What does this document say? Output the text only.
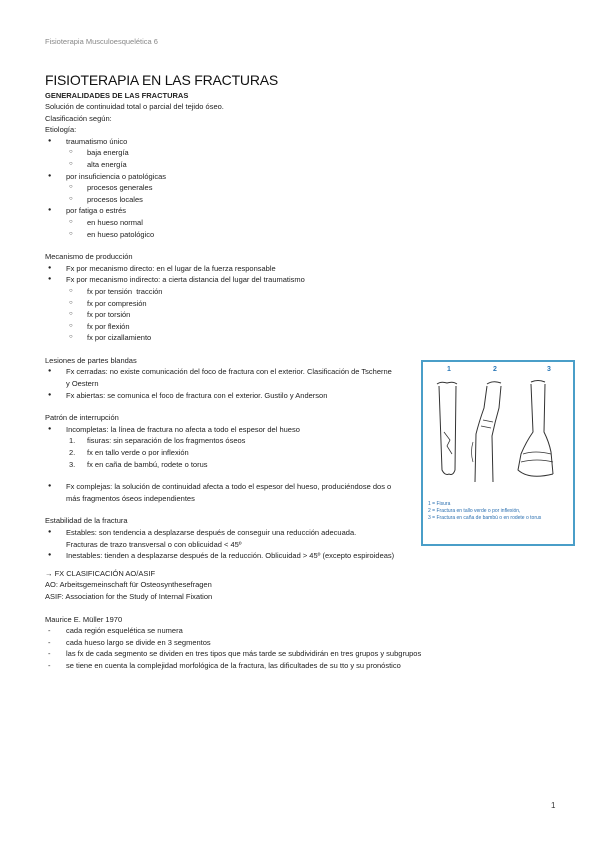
Fisioterapia Musculoesquelética 6
FISIOTERAPIA EN LAS FRACTURAS
GENERALIDADES DE LAS FRACTURAS

Solución de continuidad total o parcial del tejido óseo.

Clasificación según:

Etiología:

● traumatismo único
○ baja energía
○ alta energía
● por insuficiencia o patológicas
○ procesos generales
○ procesos locales
● por fatiga o estrés
○ en hueso normal
○ en hueso patológico

Mecanismo de producción

● Fx por mecanismo directo: en el lugar de la fuerza responsable
● Fx por mecanismo indirecto: a cierta distancia del lugar del traumatismo
○ fx por tensión  tracción
○ fx por compresión
○ fx por torsión
○ fx por flexión
○ fx por cizallamiento

Lesiones de partes blandas

● Fx cerradas: no existe comunicación del foco de fractura con el exterior. Clasificación de Tscherne y Oestern
● Fx abiertas: se comunica el foco de fractura con el exterior. Gustilo y Anderson

Patrón de interrupción

● Incompletas: la línea de fractura no afecta a todo el espesor del hueso
1. fisuras: sin separación de los fragmentos óseos
2. fx en tallo verde o por inflexión
3. fx en caña de bambú, rodete o torus
● Fx complejas: la solución de continuidad afecta a todo el espesor del hueso, produciéndose dos o más fragmentos óseos independientes

Estabilidad de la fractura

● Estables: son tendencia a desplazarse después de conseguir una reducción adecuada. Fracturas de trazo transversal o con oblicuidad < 45º
● Inestables: tienden a desplazarse después de la reducción. Oblicuidad > 45º (excepto espiroideas)

→ FX CLASIFICACIÓN AO/ASIF

AO: Arbeitsgemeinschaft für Osteosynthesefragen

ASIF: Association for the Study of Internal Fixation

Maurice E. Müller 1970

- cada región esquelética se numera
- cada hueso largo se divide en 3 segmentos
- las fx de cada segmento se dividen en tres tipos que más tarde se subdividirán en tres grupos y subgrupos
- se tiene en cuenta la complejidad morfológica de la fractura, las dificultades de su tto y su pronóstico
1	2	3
1 = Fisura
2 = Fractura en tallo verde o por inflexión,
3 = Fractura en caña de bambú o en rodete o torus
1
